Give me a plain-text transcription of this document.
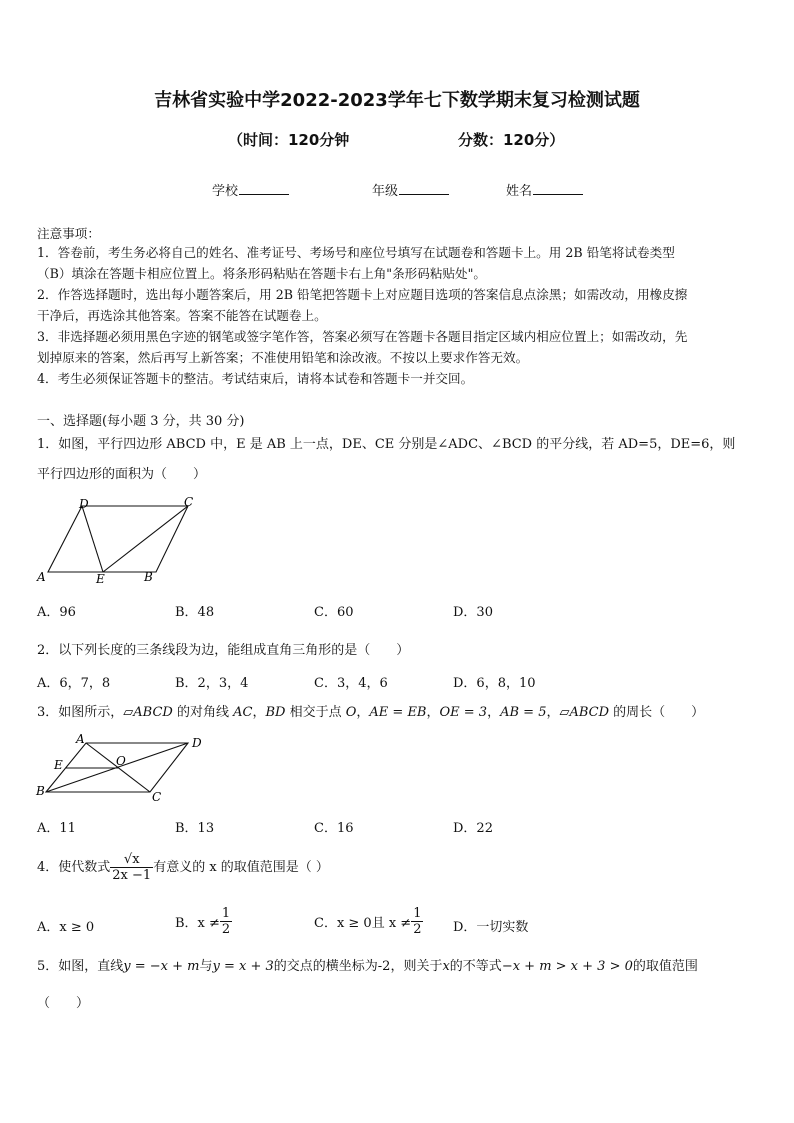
吉林省实验中学2022-2023学年七下数学期末复习检测试题
（时间：120分钟	分数：120分）
学校	年级	姓名
注意事项：
1．答卷前，考生务必将自己的姓名、准考证号、考场号和座位号填写在试题卷和答题卡上。用 2B 铅笔将试卷类型
（B）填涂在答题卡相应位置上。将条形码粘贴在答题卡右上角"条形码粘贴处"。
2．作答选择题时，选出每小题答案后，用 2B 铅笔把答题卡上对应题目选项的答案信息点涂黑；如需改动，用橡皮擦
干净后，再选涂其他答案。答案不能答在试题卷上。
3．非选择题必须用黑色字迹的钢笔或签字笔作答，答案必须写在答题卡各题目指定区域内相应位置上；如需改动，先
划掉原来的答案，然后再写上新答案；不准使用铅笔和涂改液。不按以上要求作答无效。
4．考生必须保证答题卡的整洁。考试结束后，请将本试卷和答题卡一并交回。
一、选择题(每小题 3 分，共 30 分)
1．如图，平行四边形 ABCD 中，E 是 AB 上一点，DE、CE 分别是∠ADC、∠BCD 的平分线，若 AD=5，DE=6，则
平行四边形的面积为（　　）
D	C
A	E	B
A．96	B．48	C．60	D．30
2．以下列长度的三条线段为边，能组成直角三角形的是（　　）
A．6，7，8	B．2，3，4	C．3，4，6	D．6，8，10
3．如图所示，▱ABCD 的对角线 AC，BD 相交于点 O，AE = EB，OE = 3，AB = 5，▱ABCD 的周长（　　）
A	D
E	O
B	C
A．11	B．13	C．16	D．22
4．使代数式 $\frac{√x}{2x -1}$ 有意义的 x 的取值范围是（ ）
A．x ≥ 0	B．$x \ne \frac{1}{2}$	C．x ≥ 0且 $x \ne \frac{1}{2}$ D．一切实数
5．如图，直线y = −x + m与y = x + 3的交点的横坐标为-2，则关于x的不等式−x + m > x + 3 > 0的取值范围
（　　）
